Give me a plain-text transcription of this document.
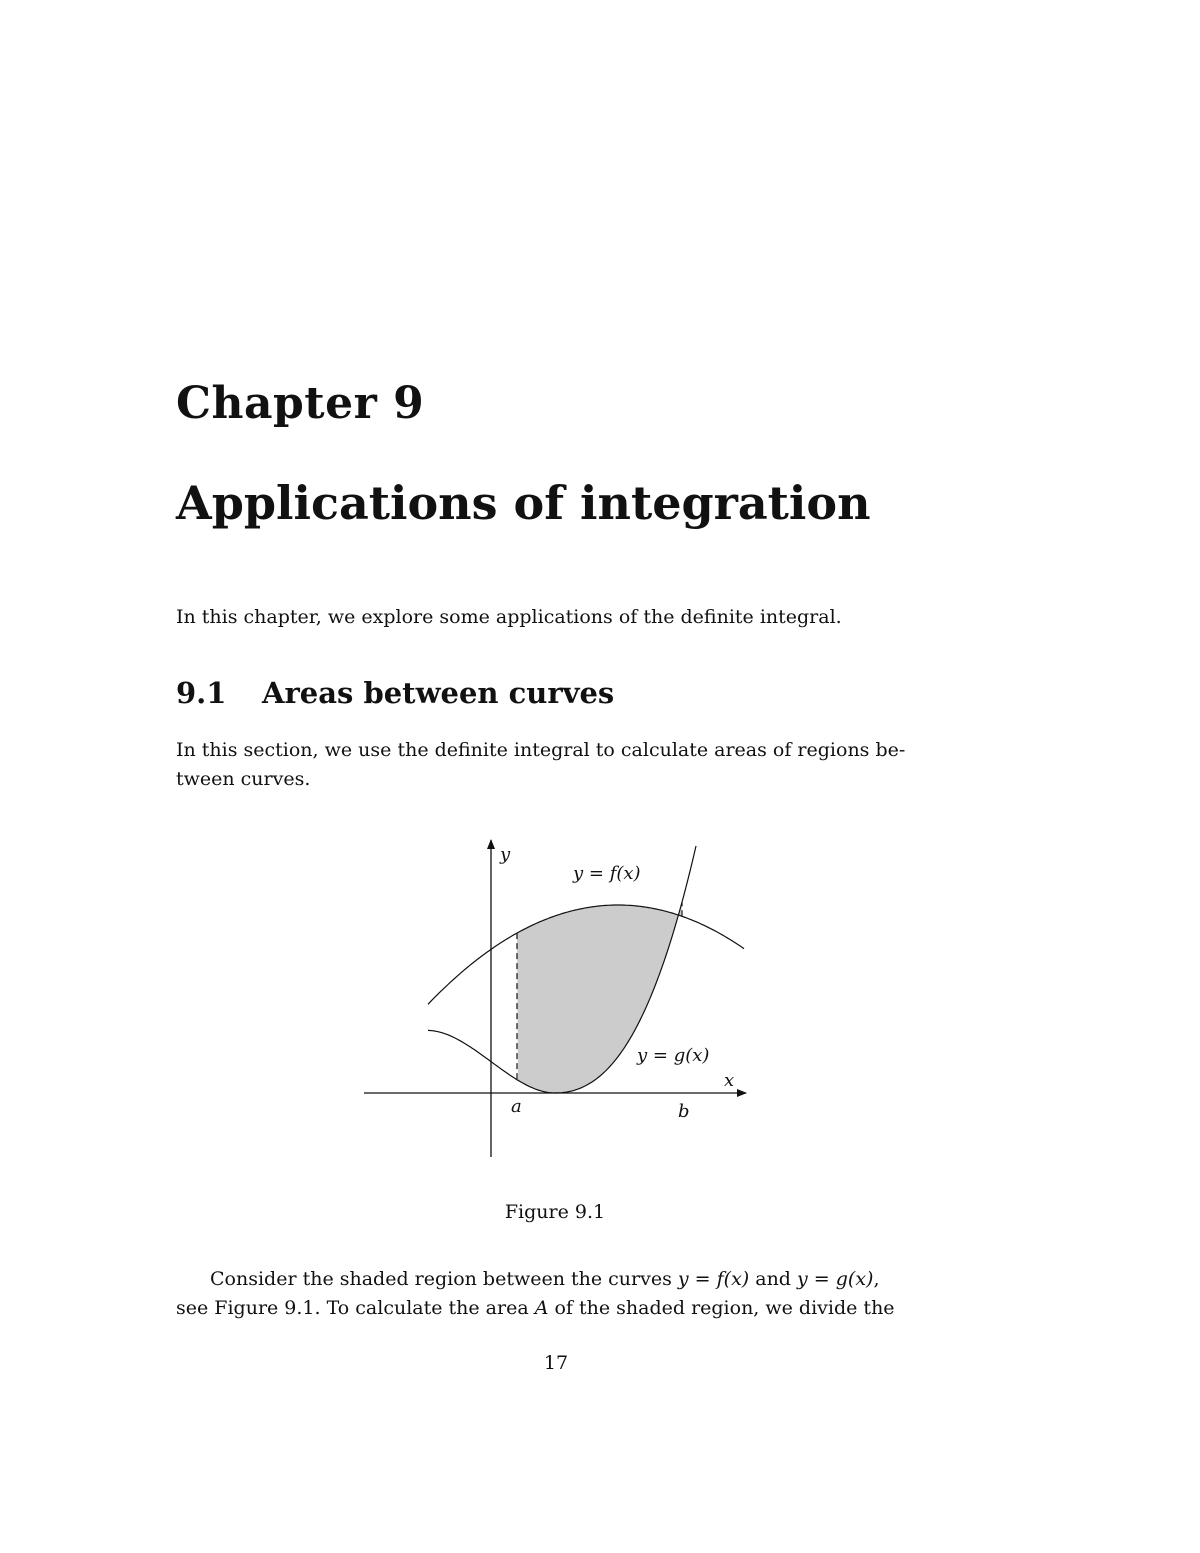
Chapter 9
Applications of integration
In this chapter, we explore some applications of the definite integral.
9.1 Areas between curves
In this section, we use the definite integral to calculate areas of regions be-
tween curves.
y
x
a	b
y = f(x)
y = g(x)
Figure 9.1
Consider the shaded region between the curves y = f(x) and y = g(x),
see Figure 9.1. To calculate the area A of the shaded region, we divide the
17
